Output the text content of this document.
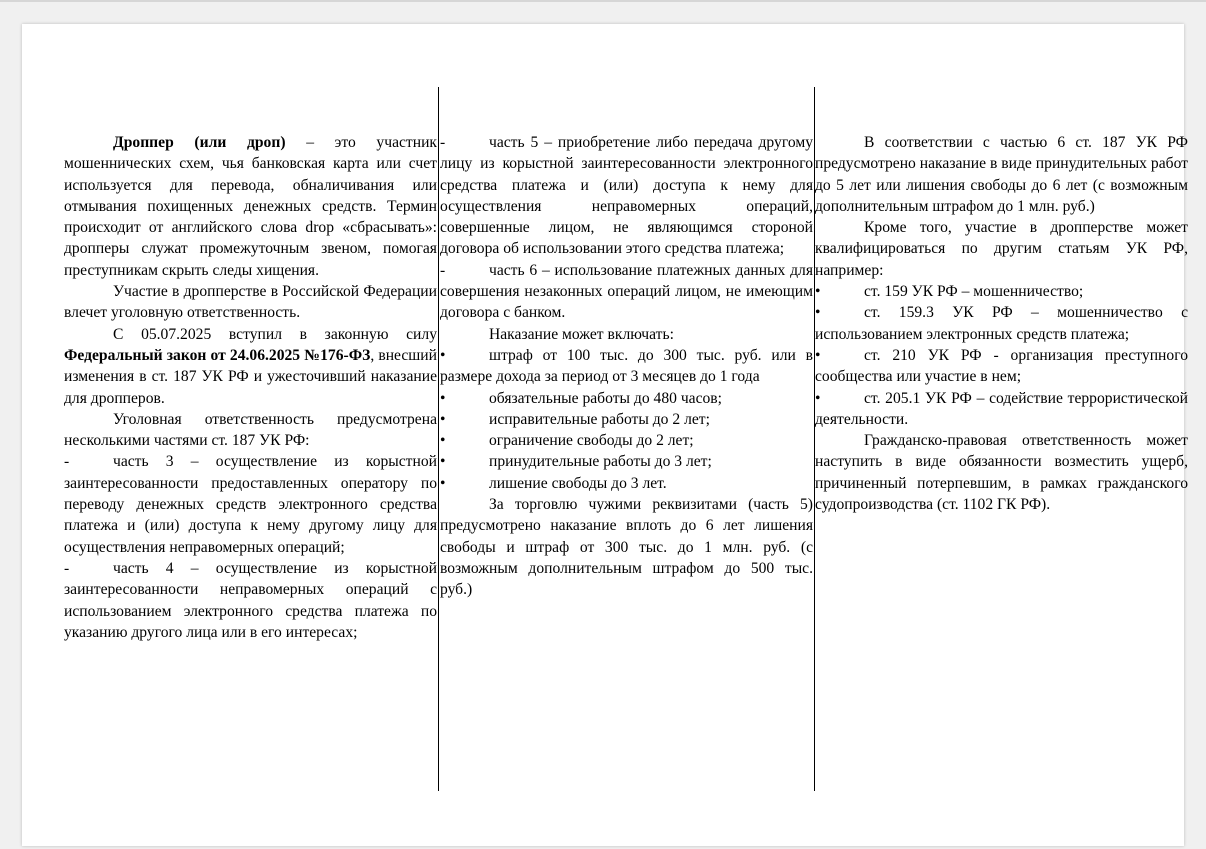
Дроппер (или дроп) – это участник мошеннических схем, чья банковская карта или счет используется для перевода, обналичивания или отмывания похищенных денежных средств. Термин происходит от английского слова drop «сбрасывать»: дропперы служат промежуточным звеном, помогая преступникам скрыть следы хищения.

Участие в дропперстве в Российской Федерации влечет уголовную ответственность.

С 05.07.2025 вступил в законную силу Федеральный закон от 24.06.2025 №176-ФЗ, внесший изменения в ст. 187 УК РФ и ужесточивший наказание для дропперов.

Уголовная ответственность предусмотрена несколькими частями ст. 187 УК РФ:

-	часть 3 – осуществление из корыстной заинтересованности предоставленных оператору по переводу денежных средств электронного средства платежа и (или) доступа к нему другому лицу для осуществления неправомерных операций;

-	часть 4 – осуществление из корыстной заинтересованности неправомерных операций с использованием электронного средства платежа по указанию другого лица или в его интересах;

-	часть 5 – приобретение либо передача другому лицу из корыстной заинтересованности электронного средства платежа и (или) доступа к нему для осуществления неправомерных операций, совершенные лицом, не являющимся стороной договора об использовании этого средства платежа;

-	часть 6 – использование платежных данных для совершения незаконных операций лицом, не имеющим договора с банком.

Наказание может включать:

•	штраф от 100 тыс. до 300 тыс. руб. или в размере дохода за период от 3 месяцев до 1 года

•	обязательные работы до 480 часов;

•	исправительные работы до 2 лет;

•	ограничение свободы до 2 лет;

•	принудительные работы до 3 лет;

•	лишение свободы до 3 лет.

За торговлю чужими реквизитами (часть 5) предусмотрено наказание вплоть до 6 лет лишения свободы и штраф от 300 тыс. до 1 млн. руб. (с возможным дополнительным штрафом до 500 тыс. руб.)

В соответствии с частью 6 ст. 187 УК РФ предусмотрено наказание в виде принудительных работ до 5 лет или лишения свободы до 6 лет (с возможным дополнительным штрафом до 1 млн. руб.)

Кроме того, участие в дропперстве может квалифицироваться по другим статьям УК РФ, например:

•	ст. 159 УК РФ – мошенничество;

•	ст. 159.3 УК РФ – мошенничество с использованием электронных средств платежа;

•	ст. 210 УК РФ - организация преступного сообщества или участие в нем;

•	ст. 205.1 УК РФ – содействие террористической деятельности.

Гражданско-правовая ответственность может наступить в виде обязанности возместить ущерб, причиненный потерпевшим, в рамках гражданского судопроизводства (ст. 1102 ГК РФ).
